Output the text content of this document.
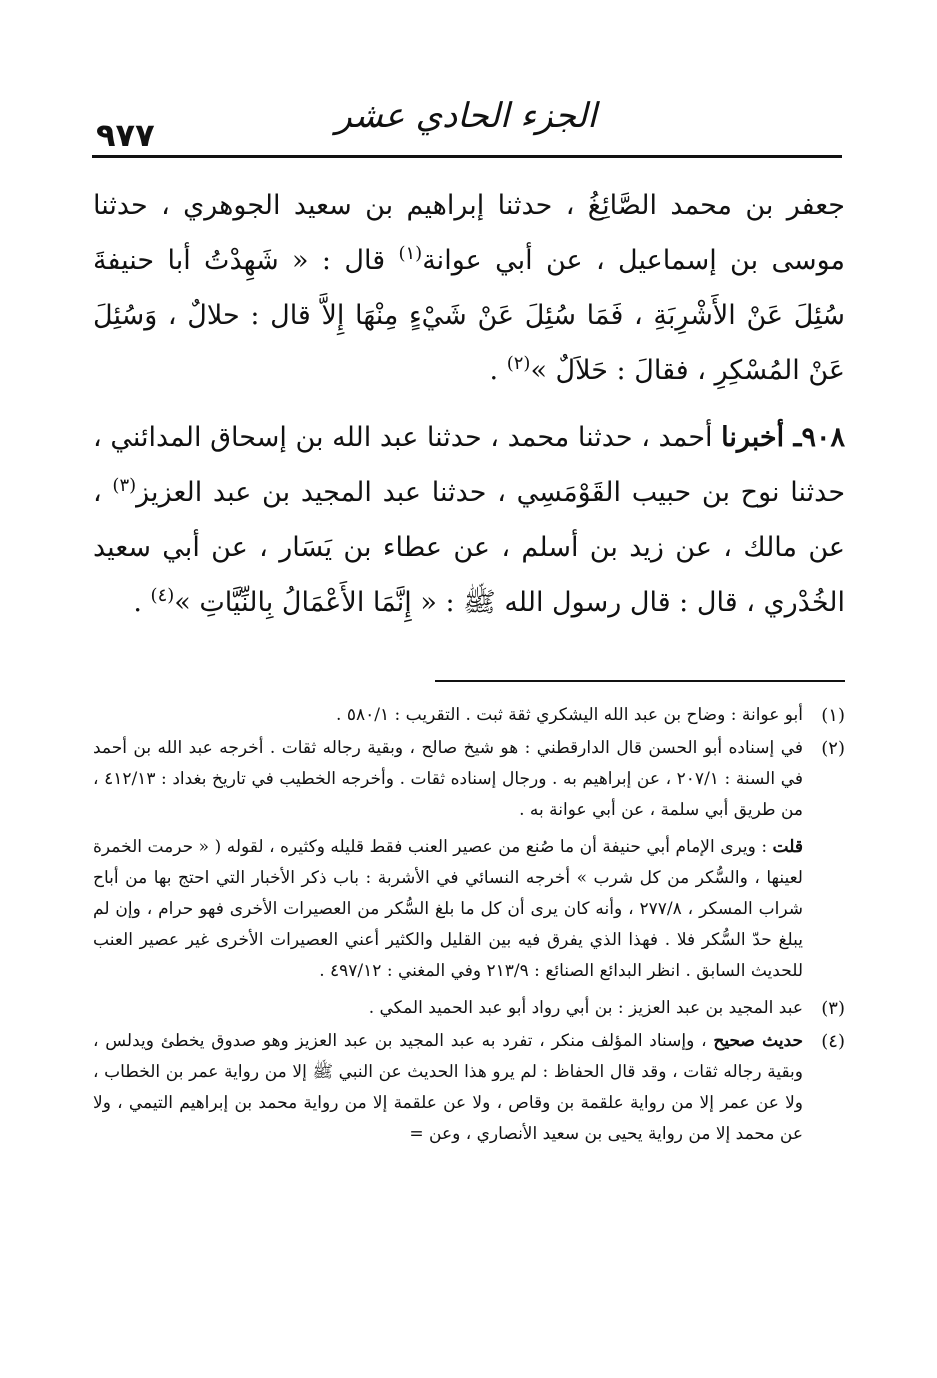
الجزء الحادي عشر
٩٧٧

جعفر بن محمد الصَّائِغُ ، حدثنا إبراهيم بن سعيد الجوهري ، حدثنا موسى بن إسماعيل ، عن أبي عوانة$^{(١)}$ قال : « شَهِدْتُ أبا حنيفةَ سُئِلَ عَنْ الأَشْرِبَةِ ، فَمَا سُئِلَ عَنْ شَيْءٍ مِنْهَا إِلاَّ قال : حلالٌ ، وَسُئِلَ عَنْ المُسْكِرِ ، فقالَ : حَلاَلٌ »$^{(٢)}$ .

٩٠٨ـ أخبرنا أحمد ، حدثنا محمد ، حدثنا عبد الله بن إسحاق المدائني ، حدثنا نوح بن حبيب القَوْمَسِي ، حدثنا عبد المجيد بن عبد العزيز$^{(٣)}$ ، عن مالك ، عن زيد بن أسلم ، عن عطاء بن يَسَار ، عن أبي سعيد الخُدْري ، قال : قال رسول الله ﷺ : « إِنَّمَا الأَعْمَالُ بِالنِّيَّاتِ »$^{(٤)}$ .

(١)
أبو عوانة : وضاح بن عبد الله اليشكري ثقة ثبت . التقريب : ٥٨٠/١ .
(٢)
في إسناده أبو الحسن قال الدارقطني : هو شيخ صالح ، وبقية رجاله ثقات . أخرجه عبد الله بن أحمد في السنة : ٢٠٧/١ ، عن إبراهيم به . ورجال إسناده ثقات . وأخرجه الخطيب في تاريخ بغداد : ٤١٢/١٣ ، من طريق أبي سلمة ، عن أبي عوانة به .
قلت : ويرى الإمام أبي حنيفة أن ما صُنع من عصير العنب فقط قليله وكثيره ، لقوله ( « حرمت الخمرة لعينها ، والسُّكر من كل شرب » أخرجه النسائي في الأشربة : باب ذكر الأخبار التي احتج بها من أباح شراب المسكر ، ٢٧٧/٨ ، وأنه كان يرى أن كل ما بلغ السُّكر من العصيرات الأخرى فهو حرام ، وإن لم يبلغ حدّ السُّكر فلا . فهذا الذي يفرق فيه بين القليل والكثير أعني العصيرات الأخرى غير عصير العنب للحديث السابق . انظر البدائع الصنائع : ٢١٣/٩ وفي المغني : ٤٩٧/١٢ .
(٣)
عبد المجيد بن عبد العزيز : بن أبي رواد أبو عبد الحميد المكي .
(٤)
حديث صحيح ، وإسناد المؤلف منكر ، تفرد به عبد المجيد بن عبد العزيز وهو صدوق يخطئ ويدلس ، وبقية رجاله ثقات ، وقد قال الحفاظ : لم يرو هذا الحديث عن النبي ﷺ إلا من رواية عمر بن الخطاب ، ولا عن عمر إلا من رواية علقمة بن وقاص ، ولا عن علقمة إلا من رواية محمد بن إبراهيم التيمي ، ولا عن محمد إلا من رواية يحيى بن سعيد الأنصاري ، وعن =
